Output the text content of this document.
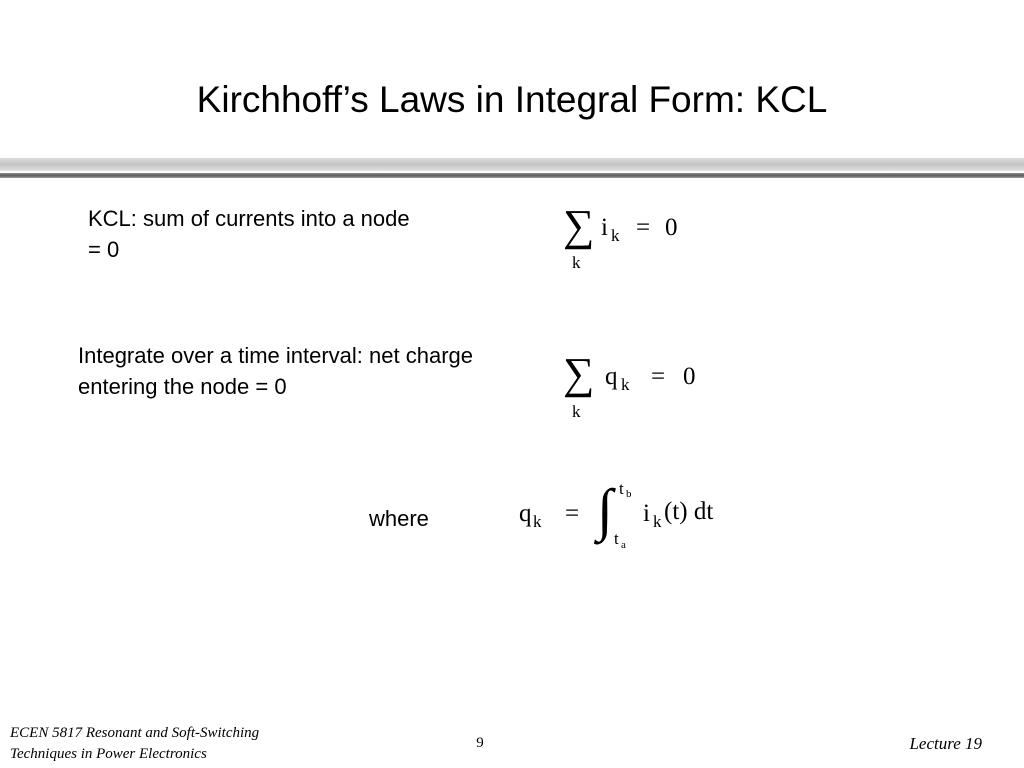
Kirchhoff’s Laws in Integral Form: KCL
KCL: sum of currents into a node = 0	∑
k
i k = 0
Integrate over a time interval: net charge entering the node = 0	∑
k
q k = 0
where	q k = ∫ t b
t a
i k (t) dt
ECEN 5817 Resonant and Soft-Switching
Techniques in Power Electronics
9	Lecture 19
